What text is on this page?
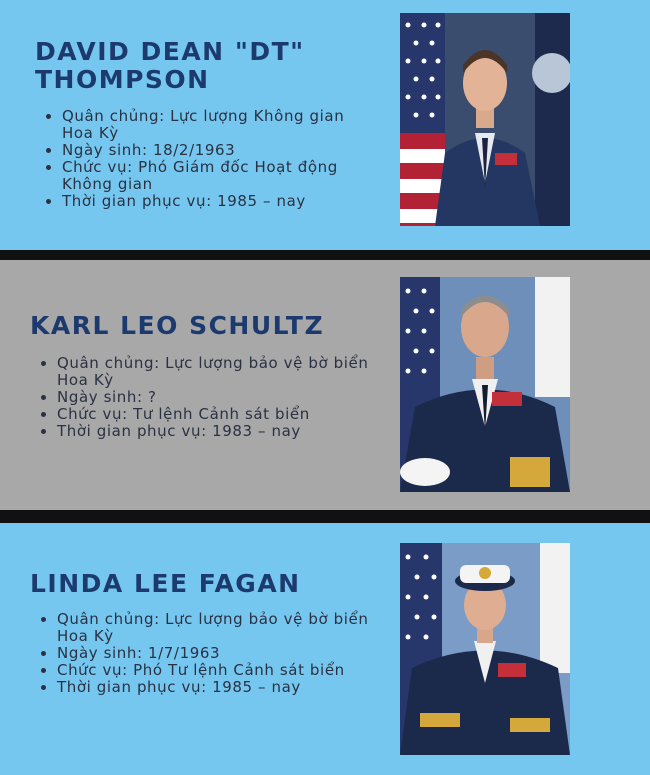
DAVID DEAN "DT" THOMPSON
• Quân chủng: Lực lượng Không gian Hoa Kỳ
• Ngày sinh: 18/2/1963
• Chức vụ: Phó Giám đốc Hoạt động Không gian
• Thời gian phục vụ: 1985 – nay
KARL LEO SCHULTZ
• Quân chủng: Lực lượng bảo vệ bờ biển Hoa Kỳ
• Ngày sinh: ?
• Chức vụ: Tư lệnh Cảnh sát biển
• Thời gian phục vụ: 1983 – nay
LINDA LEE FAGAN
• Quân chủng: Lực lượng bảo vệ bờ biển Hoa Kỳ
• Ngày sinh: 1/7/1963
• Chức vụ: Phó Tư lệnh Cảnh sát biển
• Thời gian phục vụ: 1985 – nay
